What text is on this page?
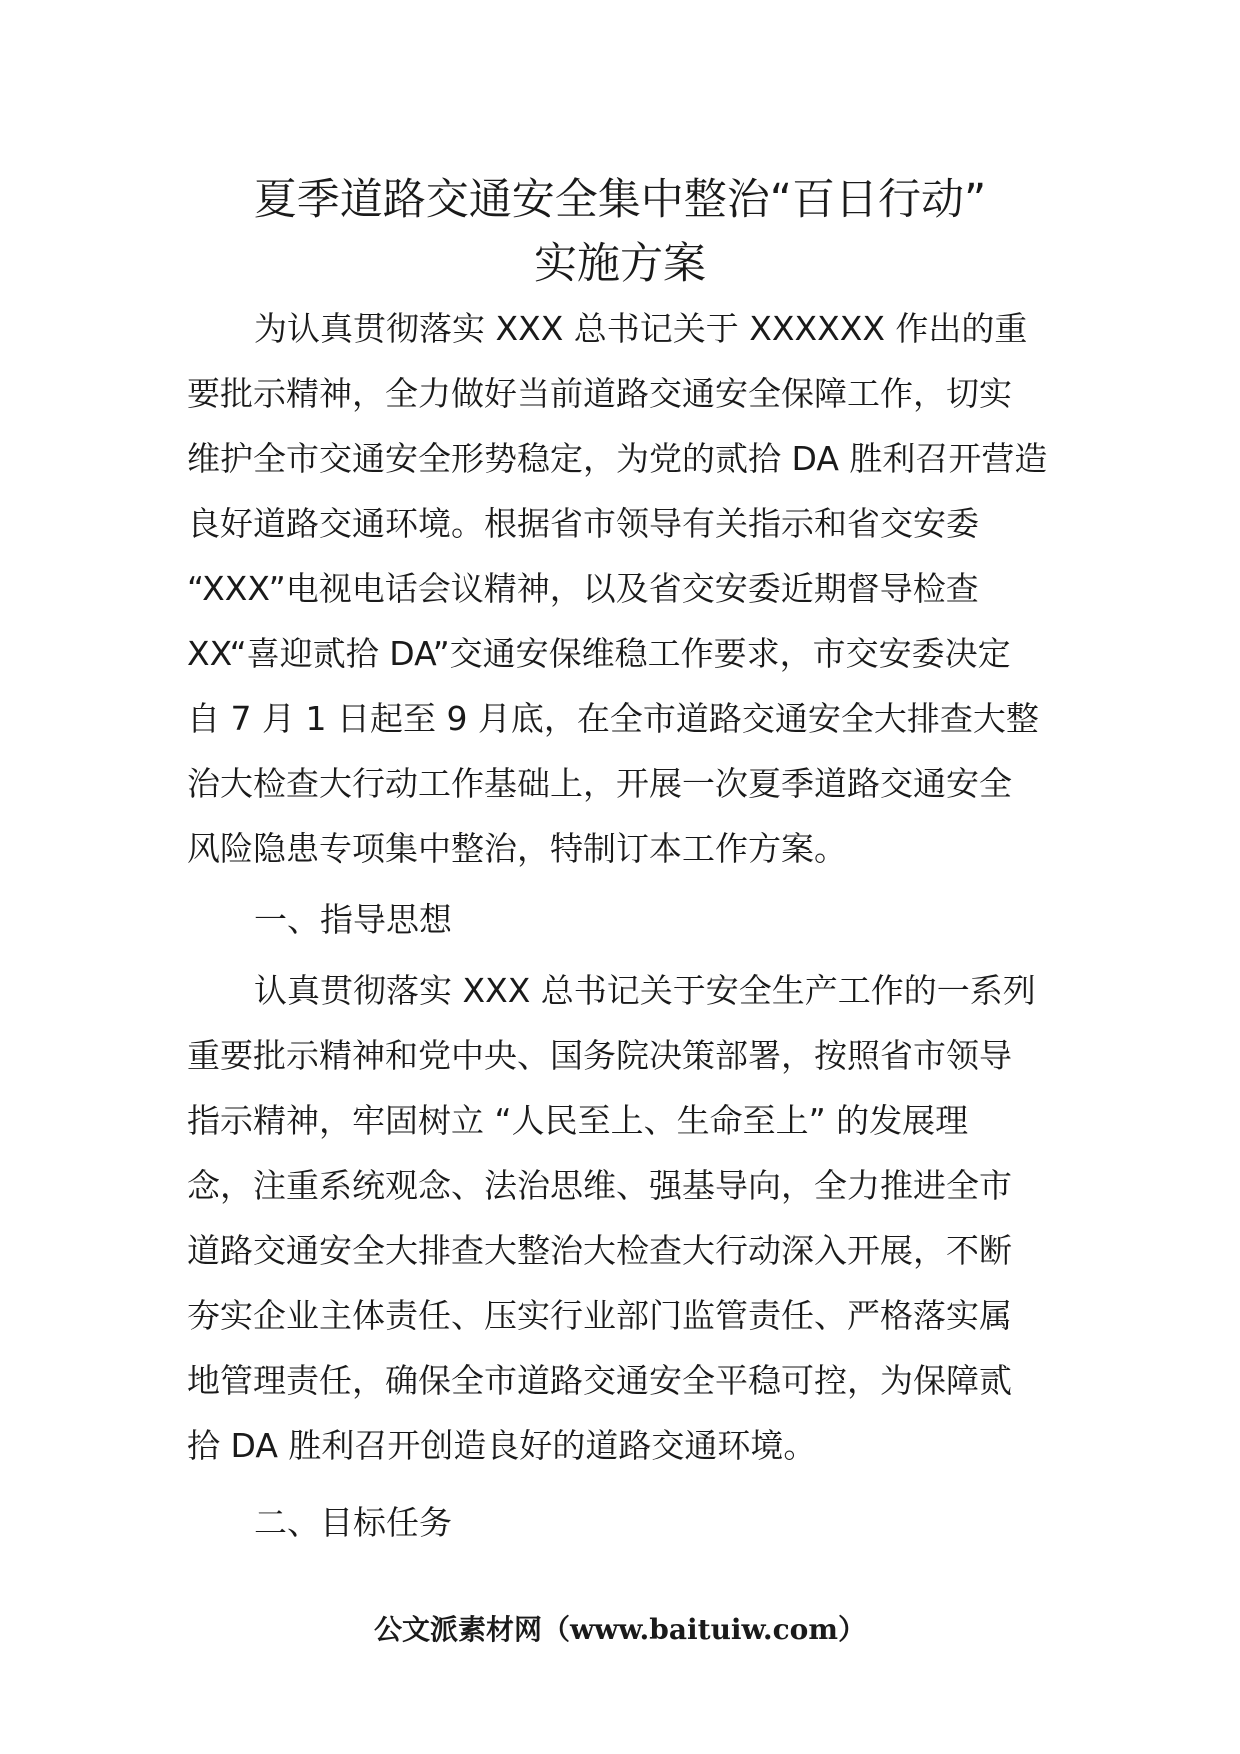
夏季道路交通安全集中整治“百日行动”
实施方案

为认真贯彻落实 XXX 总书记关于 XXXXXX 作出的重

要批示精神，全力做好当前道路交通安全保障工作，切实

维护全市交通安全形势稳定，为党的贰拾 DA 胜利召开营造

良好道路交通环境。根据省市领导有关指示和省交安委

“XXX”电视电话会议精神，以及省交安委近期督导检查

XX“喜迎贰拾 DA”交通安保维稳工作要求，市交安委决定

自 7 月 1 日起至 9 月底，在全市道路交通安全大排查大整

治大检查大行动工作基础上，开展一次夏季道路交通安全

风险隐患专项集中整治，特制订本工作方案。

一、指导思想

认真贯彻落实 XXX 总书记关于安全生产工作的一系列

重要批示精神和党中央、国务院决策部署，按照省市领导

指示精神，牢固树立 “人民至上、生命至上” 的发展理

念，注重系统观念、法治思维、强基导向，全力推进全市

道路交通安全大排查大整治大检查大行动深入开展，不断

夯实企业主体责任、压实行业部门监管责任、严格落实属

地管理责任，确保全市道路交通安全平稳可控，为保障贰

拾 DA 胜利召开创造良好的道路交通环境。

二、目标任务

公文派素材网（www.baituiw.com）
